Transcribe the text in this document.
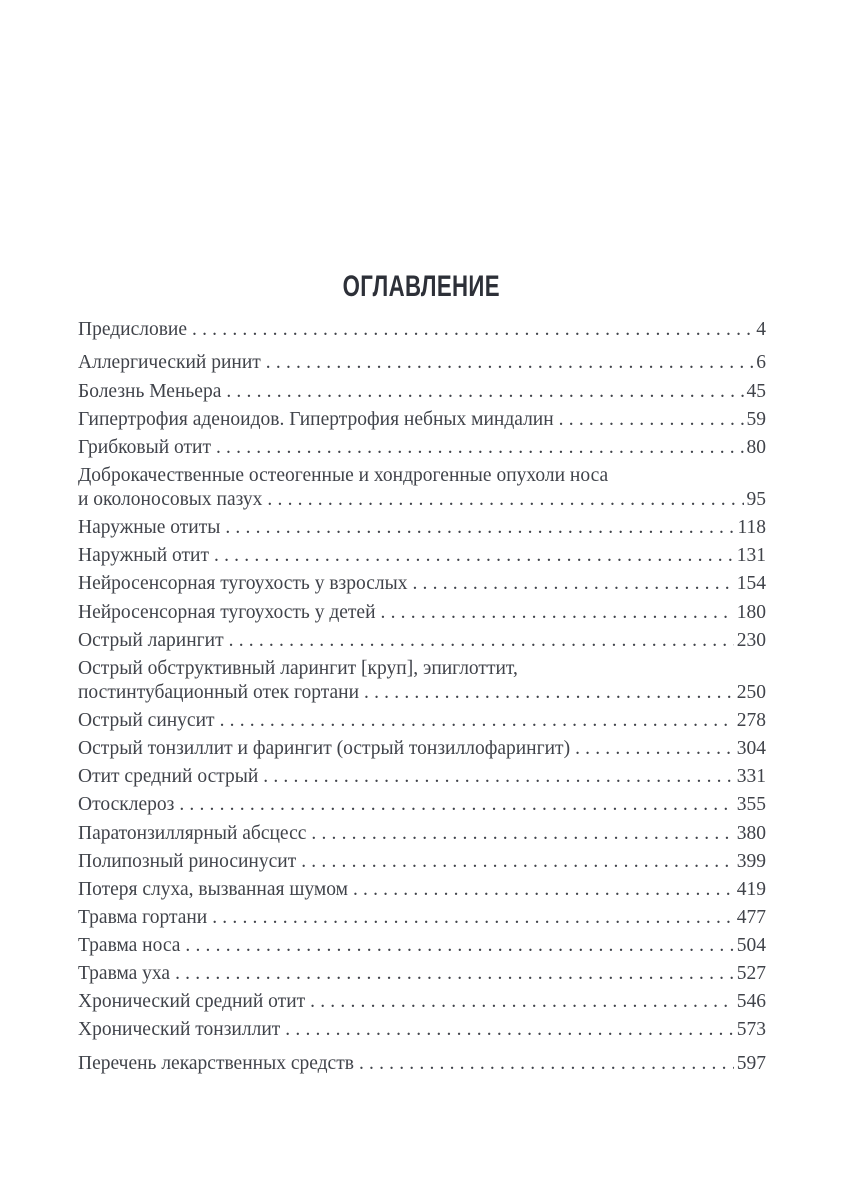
ОГЛАВЛЕНИЕ
Предисловие .....	4
Аллергический ринит .....	6
Болезнь Меньера .....	45
Гипертрофия аденоидов. Гипертрофия небных миндалин .....	59
Грибковый отит .....	80
Доброкачественные остеогенные и хондрогенные опухоли носа
и околоносовых пазух .....	95
Наружные отиты .....	118
Наружный отит .....	131
Нейросенсорная тугоухость у взрослых .....	154
Нейросенсорная тугоухость у детей .....	180
Острый ларингит .....	230
Острый обструктивный ларингит [круп], эпиглоттит,
постинтубационный отек гортани .....	250
Острый синусит .....	278
Острый тонзиллит и фарингит (острый тонзиллофарингит) .....	304
Отит средний острый .....	331
Отосклероз .....	355
Паратонзиллярный абсцесс .....	380
Полипозный риносинусит .....	399
Потеря слуха, вызванная шумом .....	419
Травма гортани .....	477
Травма носа .....	504
Травма уха .....	527
Хронический средний отит .....	546
Хронический тонзиллит .....	573
Перечень лекарственных средств .....	597
